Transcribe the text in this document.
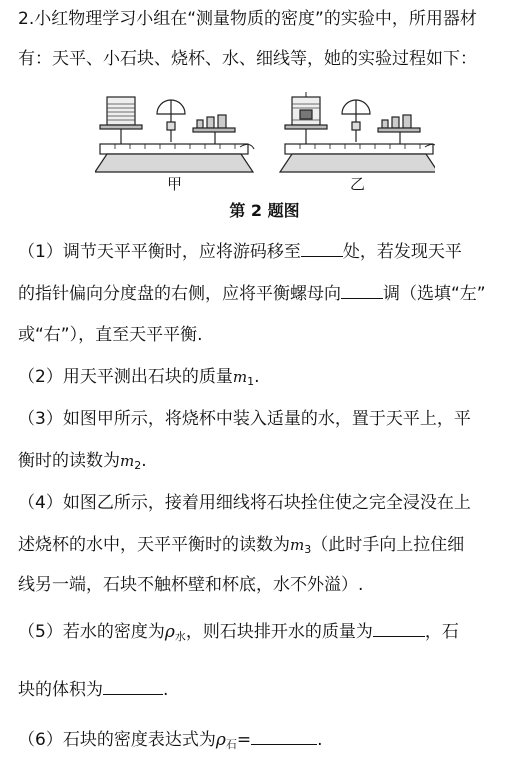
2.小红物理学习小组在“测量物质的密度”的实验中，所用器材
有：天平、小石块、烧杯、水、细线等，她的实验过程如下：
甲	乙
第 2 题图
（1）调节天平平衡时，应将游码移至 处，若发现天平
的指针偏向分度盘的右侧，应将平衡螺母向 调（选填“左”
或“右”），直至天平平衡.
（2）用天平测出石块的质量$m_1$.
（3）如图甲所示，将烧杯中装入适量的水，置于天平上，平
衡时的读数为$m_2$.
（4）如图乙所示，接着用细线将石块拴住使之完全浸没在上
述烧杯的水中，天平平衡时的读数为$m_3$（此时手向上拉住细
线另一端，石块不触杯壁和杯底，水不外溢）.
（5）若水的密度为$\rho_水$，则石块排开水的质量为	，石
块的体积为	.
（6）石块的密度表达式为$\rho_石=$	.
